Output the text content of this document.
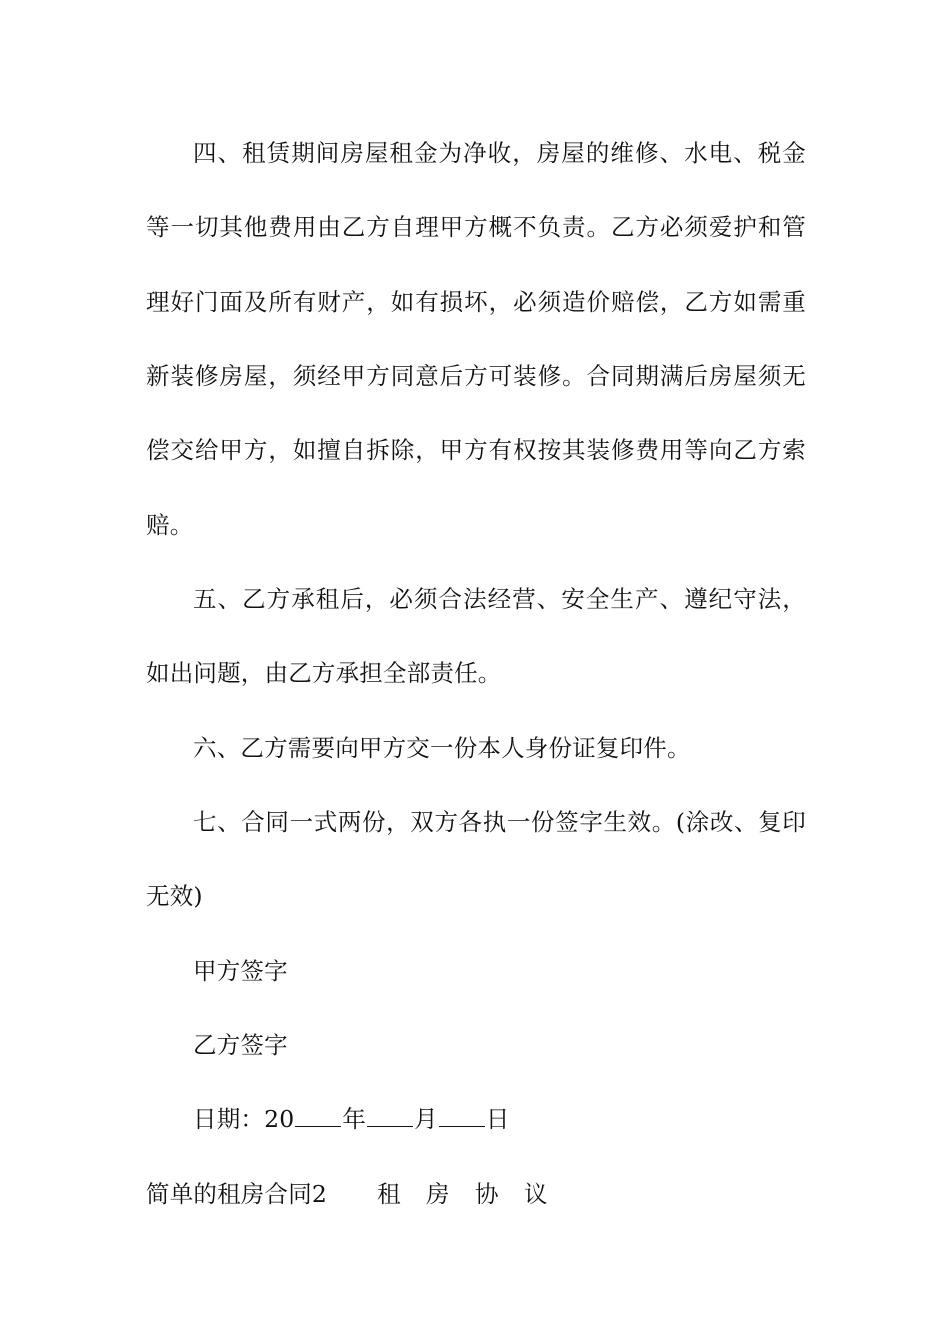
四、租赁期间房屋租金为净收，房屋的维修、水电、税金
等一切其他费用由乙方自理甲方概不负责。乙方必须爱护和管
理好门面及所有财产，如有损坏，必须造价赔偿，乙方如需重
新装修房屋，须经甲方同意后方可装修。合同期满后房屋须无
偿交给甲方，如擅自拆除，甲方有权按其装修费用等向乙方索
赔。
五、乙方承租后，必须合法经营、安全生产、遵纪守法，
如出问题，由乙方承担全部责任。
六、乙方需要向甲方交一份本人身份证复印件。
七、合同一式两份，双方各执一份签字生效。(涂改、复印
无效)
甲方签字
乙方签字
日期：20 年 月 日
简单的租房合同2 租 房 协 议
